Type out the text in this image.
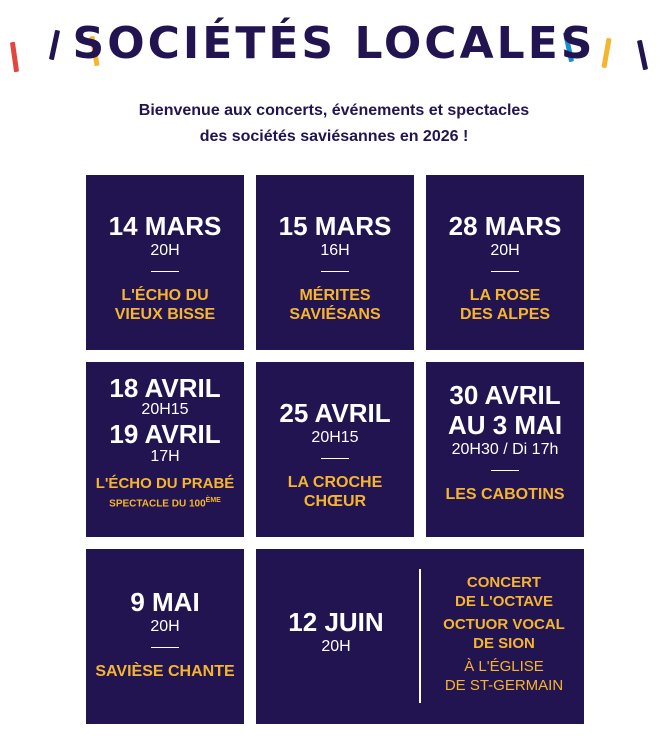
SOCIÉTÉS LOCALES
Bienvenue aux concerts, événements et spectacles
des sociétés saviésannes en 2026 !
14 MARS
20H
L'ÉCHO DU
VIEUX BISSE
15 MARS
16H
MÉRITES
SAVIÉSANS
28 MARS
20H
LA ROSE
DES ALPES
18 AVRIL
20H15
19 AVRIL
17H
L'ÉCHO DU PRABÉ
SPECTACLE DU 100ÈME
25 AVRIL
20H15
LA CROCHE
CHŒUR
30 AVRIL
AU 3 MAI
20H30 / Di 17h
LES CABOTINS
9 MAI
20H
SAVIÈSE CHANTE
12 JUIN
20H
CONCERT
DE L'OCTAVE
OCTUOR VOCAL
DE SION
À L'ÉGLISE
DE ST-GERMAIN
